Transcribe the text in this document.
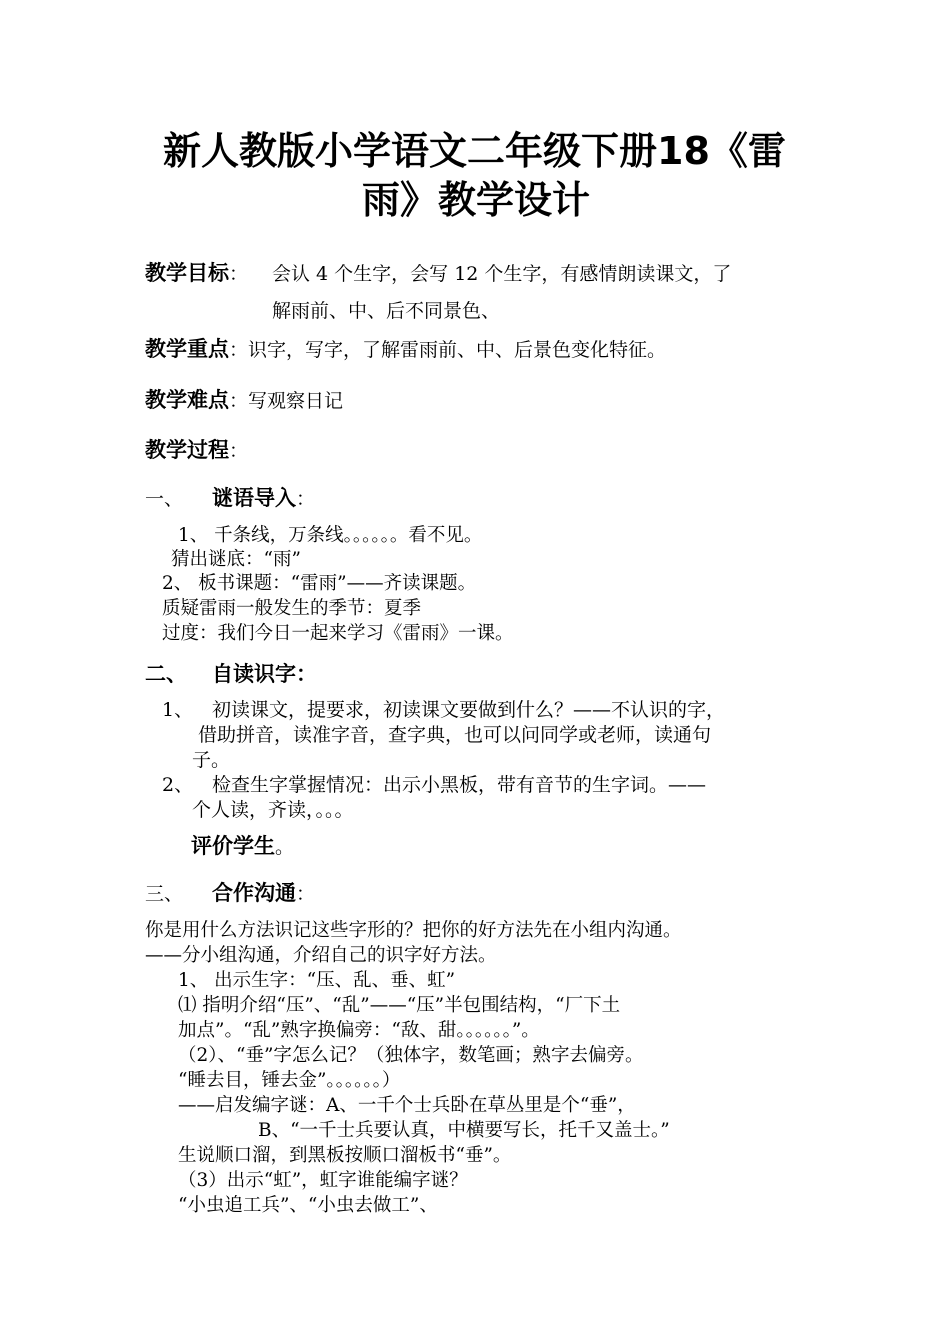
新人教版小学语文二年级下册18《雷
雨》教学设计
教学目标： 会认 4 个生字，会写 12 个生字，有感情朗读课文，了
解雨前、中、后不同景色、
教学重点：识字，写字，了解雷雨前、中、后景色变化特征。
教学难点：写观察日记
教学过程：
一、 谜语导入：
1、 千条线，万条线。。。。。。看不见。
猜出谜底：“雨”
2、 板书课题：“雷雨”——齐读课题。
质疑雷雨一般发生的季节：夏季
过度：我们今日一起来学习《雷雨》一课。
二、 自读识字：
1、 初读课文，提要求，初读课文要做到什么？——不认识的字，
借助拼音，读准字音，查字典，也可以问同学或老师，读通句
子。
2、 检查生字掌握情况：出示小黑板，带有音节的生字词。——
个人读，齐读，。。。
评价学生。
三、 合作沟通：
你是用什么方法识记这些字形的？把你的好方法先在小组内沟通。
——分小组沟通，介绍自己的识字好方法。
1、 出示生字：“压、乱、垂、虹”
⑴ 指明介绍“压”、“乱”——“压”半包围结构，“厂下土
加点”。“乱”熟字换偏旁：“敌、甜。。。。。。”。
（2）、“垂”字怎么记？（独体字，数笔画；熟字去偏旁。
“睡去目，锤去金”。。。。。。）
——启发编字谜：A、一千个士兵卧在草丛里是个“垂”，
B、“一千士兵要认真，中横要写长，托千又盖士。”
生说顺口溜，到黑板按顺口溜板书“垂”。
（3）出示“虹”，虹字谁能编字谜？
“小虫追工兵”、“小虫去做工”、
